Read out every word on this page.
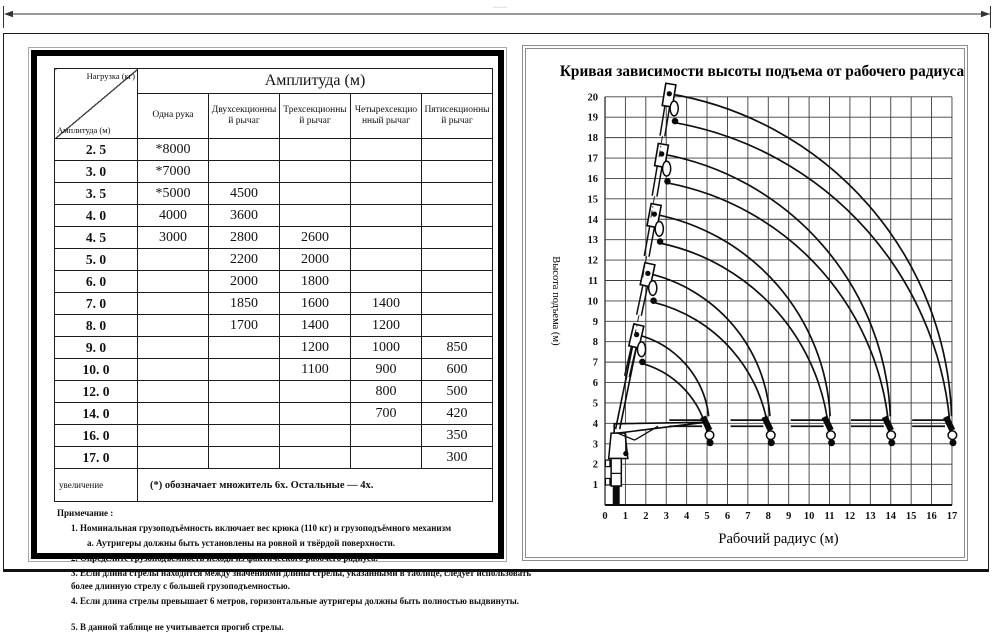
·······
Нагрузка (кг)
Амплитуда (м)	Амплитуда (м)				
	Одна рука	Двухсекционный рычаг	Трехсекционный рычаг	Четырехсекционный рычаг	Пятисекционный рычаг
2. 5	*8000				
3. 0	*7000				
3. 5	*5000	4500			
4. 0	4000	3600			
4. 5	3000	2800	2600		
5. 0		2200	2000		
6. 0		2000	1800		
7. 0		1850	1600	1400	
8. 0		1700	1400	1200	
9. 0			1200	1000	850
10. 0			1100	900	600
12. 0				800	500
14. 0				700	420
16. 0					350
17. 0					300
увеличение	(*) обозначает множитель 6х. Остальные — 4х.				
Примечание :
1. Номинальная грузоподъёмность включает вес крюка (110 кг) и грузоподъёмного механизм
a. Аутригеры должны быть установлены на ровной и твёрдой поверхности.
2. Определите грузоподъемность исходя из фактического рабочего радиуса.
3. Если длина стрелы находится между значениями длины стрелы, указанными в таблице, следует использовать более длинную стрелу с большей грузоподъемностью.
4. Если длина стрелы превышает 6 метров, горизонтальные аутригеры должны быть полностью выдвинуты.
5. В данной таблице не учитывается прогиб стрелы.
1
2
3
4
5
6
7
8
9
10
11
12
13
14
15
16
17
18
19
20
0 1 2 3 4 5 6 7 8 9 10 11 12 13 14 15 16 17
Кривая зависимости высоты подъема от рабочего радиуса
Рабочий радиус (м)
Высота подъема (м)
